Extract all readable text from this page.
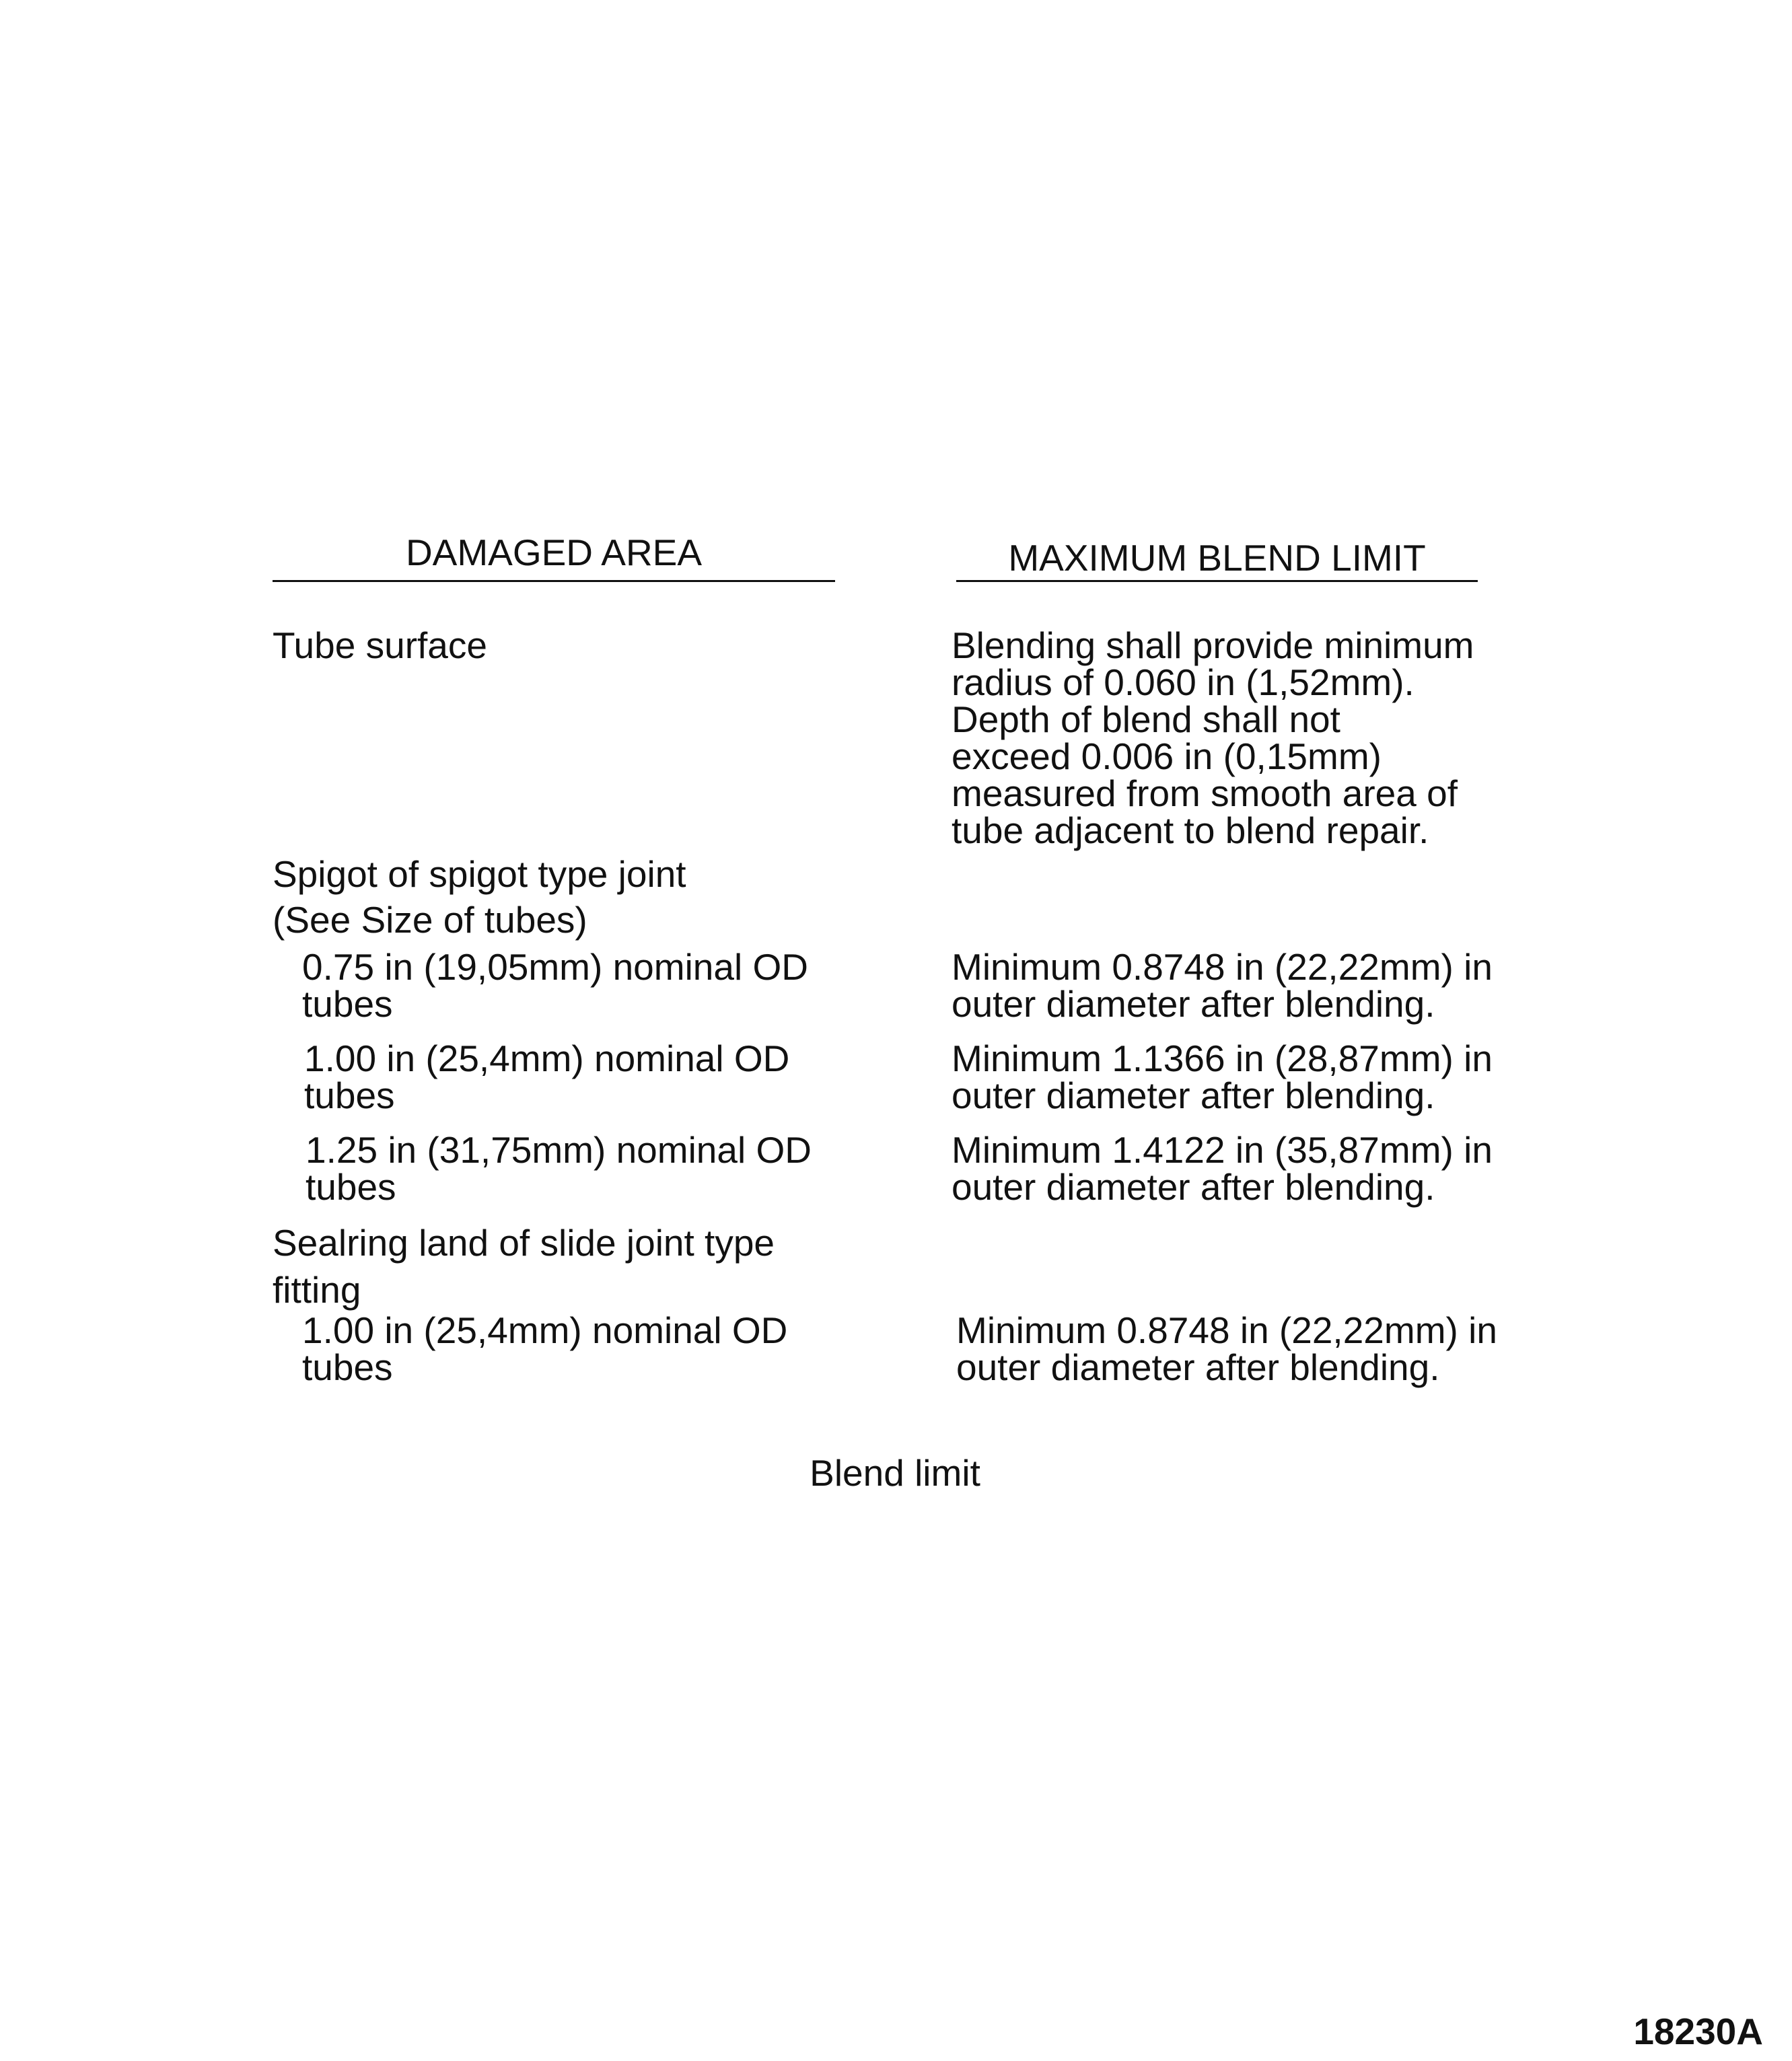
DAMAGED AREA	MAXIMUM BLEND LIMIT
Tube surface	Blending shall provide minimum
radius of 0.060 in (1,52mm).
Depth of blend shall not
exceed 0.006 in (0,15mm)
measured from smooth area of
tube adjacent to blend repair.
Spigot of spigot type joint
(See Size of tubes)
0.75 in (19,05mm) nominal OD
tubes
Minimum 0.8748 in (22,22mm) in
outer diameter after blending.
1.00 in (25,4mm) nominal OD
tubes
Minimum 1.1366 in (28,87mm) in
outer diameter after blending.
1.25 in (31,75mm) nominal OD
tubes
Minimum 1.4122 in (35,87mm) in
outer diameter after blending.
Sealring land of slide joint type
fitting
1.00 in (25,4mm) nominal OD
tubes
Minimum 0.8748 in (22,22mm) in
outer diameter after blending.
Blend limit
18230A
